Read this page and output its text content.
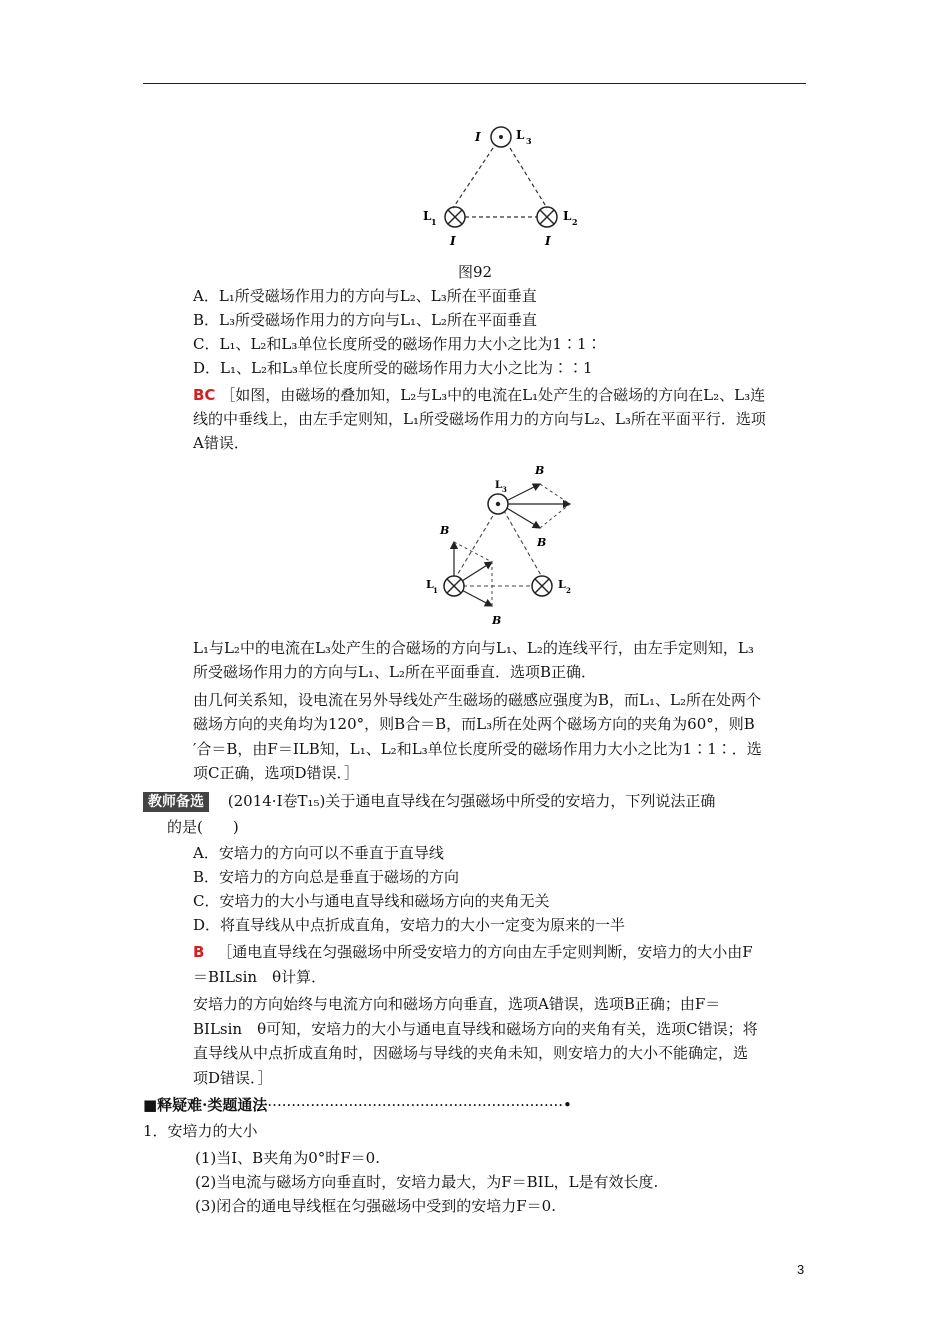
I	L 3
L 1	L 2
I	I
图92
A．L₁所受磁场作用力的方向与L₂、L₃所在平面垂直
B．L₃所受磁场作用力的方向与L₁、L₂所在平面垂直
C．L₁、L₂和L₃单位长度所受的磁场作用力大小之比为1∶1∶
D．L₁、L₂和L₃单位长度所受的磁场作用力大小之比为∶∶1
BC ［如图，由磁场的叠加知，L₂与L₃中的电流在L₁处产生的合磁场的方向在L₂、L₃连
线的中垂线上，由左手定则知，L₁所受磁场作用力的方向与L₂、L₃所在平面平行．选项
A错误．
B
B
B
B
L 3
L 1	L 2
L₁与L₂中的电流在L₃处产生的合磁场的方向与L₁、L₂的连线平行，由左手定则知，L₃
所受磁场作用力的方向与L₁、L₂所在平面垂直．选项B正确．
由几何关系知，设电流在另外导线处产生磁场的磁感应强度为B，而L₁、L₂所在处两个
磁场方向的夹角均为120°，则B合＝B，而L₃所在处两个磁场方向的夹角为60°，则B
′合＝B，由F＝ILB知，L₁、L₂和L₃单位长度所受的磁场作用力大小之比为1∶1∶．选
项C正确，选项D错误．］
教师备选 (2014·Ⅰ卷T₁₅)关于通电直导线在匀强磁场中所受的安培力，下列说法正确
的是(　　)
A．安培力的方向可以不垂直于直导线
B．安培力的方向总是垂直于磁场的方向
C．安培力的大小与通电直导线和磁场方向的夹角无关
D．将直导线从中点折成直角，安培力的大小一定变为原来的一半
B ［通电直导线在匀强磁场中所受安培力的方向由左手定则判断，安培力的大小由F
＝BILsin　θ计算．
安培力的方向始终与电流方向和磁场方向垂直，选项A错误，选项B正确；由F＝
BILsin　θ可知，安培力的大小与通电直导线和磁场方向的夹角有关，选项C错误；将
直导线从中点折成直角时，因磁场与导线的夹角未知，则安培力的大小不能确定，选
项D错误．］
■释疑难·类题通法······························································•
1．安培力的大小
(1)当I、B夹角为0°时F＝0.
(2)当电流与磁场方向垂直时，安培力最大，为F＝BIL，L是有效长度.
(3)闭合的通电导线框在匀强磁场中受到的安培力F＝0.
3
